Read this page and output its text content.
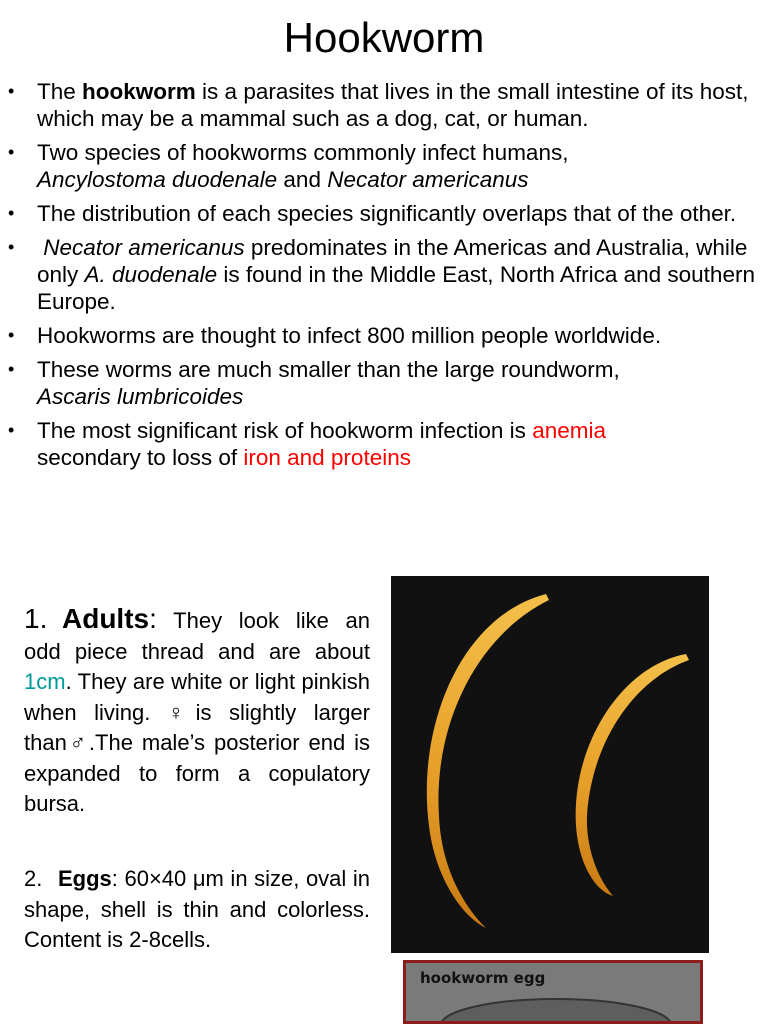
Hookworm
• The hookworm is a parasites that lives in the small intestine of its host, which may be a mammal such as a dog, cat, or human.
• Two species of hookworms commonly infect humans,
Ancylostoma duodenale and Necator americanus
• The distribution of each species significantly overlaps that of the other.
• Necator americanus predominates in the Americas and Australia, while only A. duodenale is found in the Middle East, North Africa and southern Europe.
• Hookworms are thought to infect 800 million people worldwide.
• These worms are much smaller than the large roundworm,
Ascaris lumbricoides
• The most significant risk of hookworm infection is anemia
secondary to loss of iron and proteins
1. Adults: They look like an odd piece thread and are about 1cm. They are white or light pinkish when living. ♀is slightly larger than♂.The male’s posterior end is expanded to form a copulatory bursa.
2. Eggs: 60×40 μm in size, oval in shape, shell is thin and colorless. Content is 2-8cells.
hookworm egg
